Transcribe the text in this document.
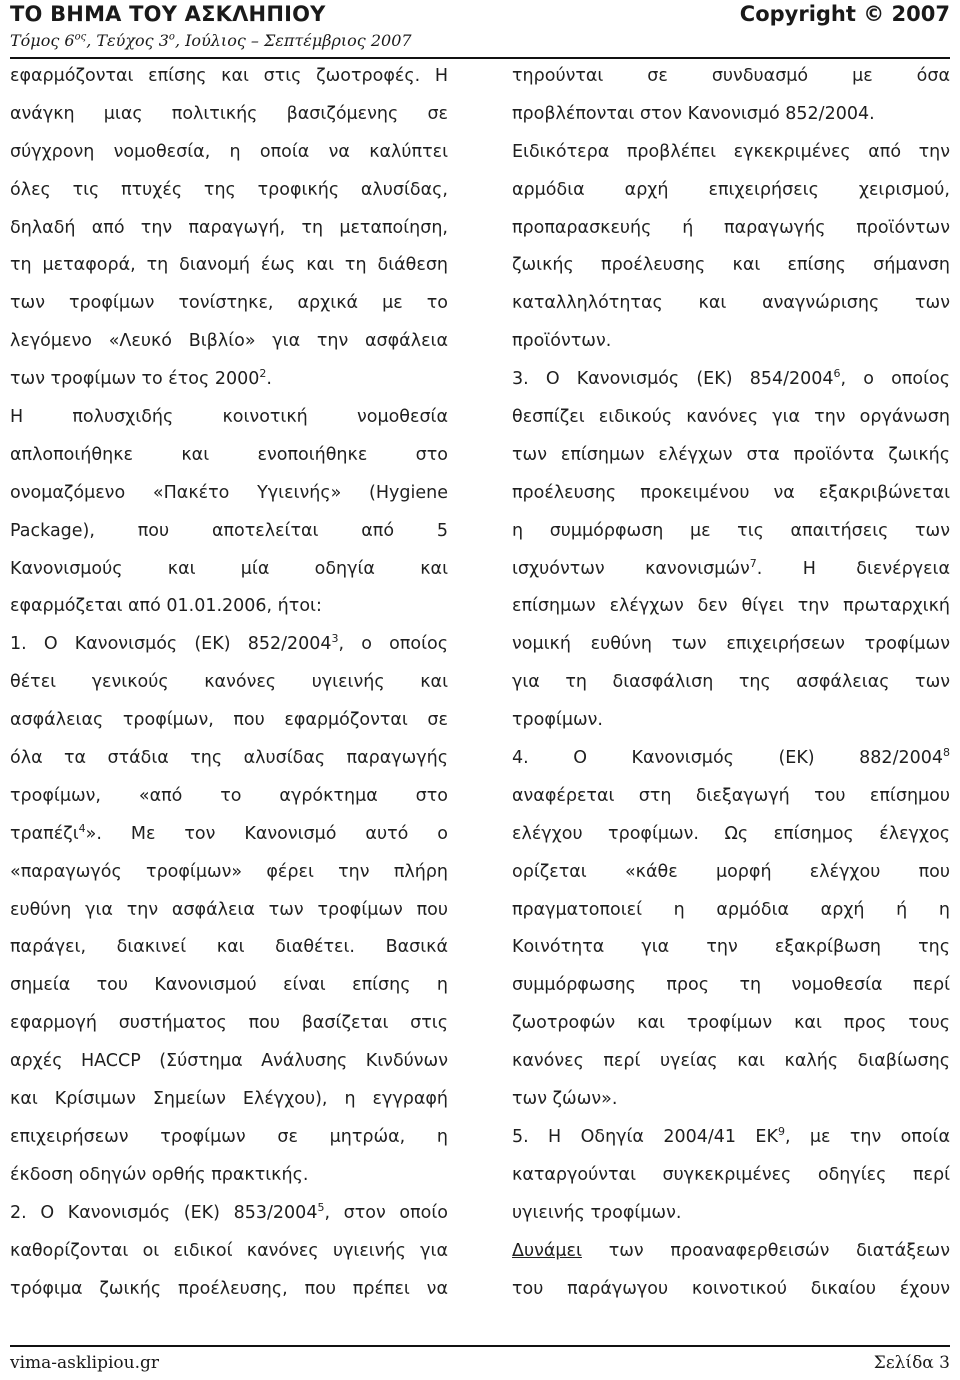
ΤΟ ΒΗΜΑ ΤΟΥ ΑΣΚΛΗΠΙΟΥ	Copyright © 2007
Τόμος $6^{o\varsigma}$, Τεύχος $3^o$, Ιούλιος – Σεπτέμβριος 2007
εφαρμόζονται επίσης και στις ζωοτροφές. Η
ανάγκη μιας πολιτικής βασιζόμενης σε
σύγχρονη νομοθεσία, η οποία να καλύπτει
όλες τις πτυχές της τροφικής αλυσίδας,
δηλαδή από την παραγωγή, τη μεταποίηση,
τη μεταφορά, τη διανομή έως και τη διάθεση
των τροφίμων τονίστηκε, αρχικά με το
λεγόμενο «Λευκό Βιβλίο» για την ασφάλεια
των τροφίμων το έτος 2000$^2$.
Η πολυσχιδής κοινοτική νομοθεσία
απλοποιήθηκε και ενοποιήθηκε στο
ονομαζόμενο «Πακέτο Υγιεινής» (Hygiene
Package), που αποτελείται από 5
Κανονισμούς και μία οδηγία και
εφαρμόζεται από 01.01.2006, ήτοι:
1. Ο Κανονισμός (ΕΚ) 852/2004$^3$, ο οποίος
θέτει γενικούς κανόνες υγιεινής και
ασφάλειας τροφίμων, που εφαρμόζονται σε
όλα τα στάδια της αλυσίδας παραγωγής
τροφίμων, «από το αγρόκτημα στο
τραπέζι$^4$». Με τον Κανονισμό αυτό ο
«παραγωγός τροφίμων» φέρει την πλήρη
ευθύνη για την ασφάλεια των τροφίμων που
παράγει, διακινεί και διαθέτει. Βασικά
σημεία του Κανονισμού είναι επίσης η
εφαρμογή συστήματος που βασίζεται στις
αρχές HACCP (Σύστημα Ανάλυσης Κινδύνων
και Κρίσιμων Σημείων Ελέγχου), η εγγραφή
επιχειρήσεων τροφίμων σε μητρώα, η
έκδοση οδηγών ορθής πρακτικής.
2. Ο Κανονισμός (ΕΚ) 853/2004$^5$, στον οποίο
καθορίζονται οι ειδικοί κανόνες υγιεινής για
τρόφιμα ζωικής προέλευσης, που πρέπει να
τηρούνται σε συνδυασμό με όσα
προβλέπονται στον Κανονισμό 852/2004.
Ειδικότερα προβλέπει εγκεκριμένες από την
αρμόδια αρχή επιχειρήσεις χειρισμού,
προπαρασκευής ή παραγωγής προϊόντων
ζωικής προέλευσης και επίσης σήμανση
καταλληλότητας και αναγνώρισης των
προϊόντων.
3. Ο Κανονισμός (ΕΚ) 854/2004$^6$, ο οποίος
θεσπίζει ειδικούς κανόνες για την οργάνωση
των επίσημων ελέγχων στα προϊόντα ζωικής
προέλευσης προκειμένου να εξακριβώνεται
η συμμόρφωση με τις απαιτήσεις των
ισχυόντων κανονισμών$^7$. Η διενέργεια
επίσημων ελέγχων δεν θίγει την πρωταρχική
νομική ευθύνη των επιχειρήσεων τροφίμων
για τη διασφάλιση της ασφάλειας των
τροφίμων.
4. Ο Κανονισμός (ΕΚ) 882/2004$^8$
αναφέρεται στη διεξαγωγή του επίσημου
ελέγχου τροφίμων. Ως επίσημος έλεγχος
ορίζεται «κάθε μορφή ελέγχου που
πραγματοποιεί η αρμόδια αρχή ή η
Κοινότητα για την εξακρίβωση της
συμμόρφωσης προς τη νομοθεσία περί
ζωοτροφών και τροφίμων και προς τους
κανόνες περί υγείας και καλής διαβίωσης
των ζώων».
5. Η Οδηγία 2004/41 $EK^9$, με την οποία
καταργούνται συγκεκριμένες οδηγίες περί
υγιεινής τροφίμων.
Δυνάμει των προαναφερθεισών διατάξεων
του παράγωγου κοινοτικού δικαίου έχουν
vima-asklipiou.gr	Σελίδα 3
